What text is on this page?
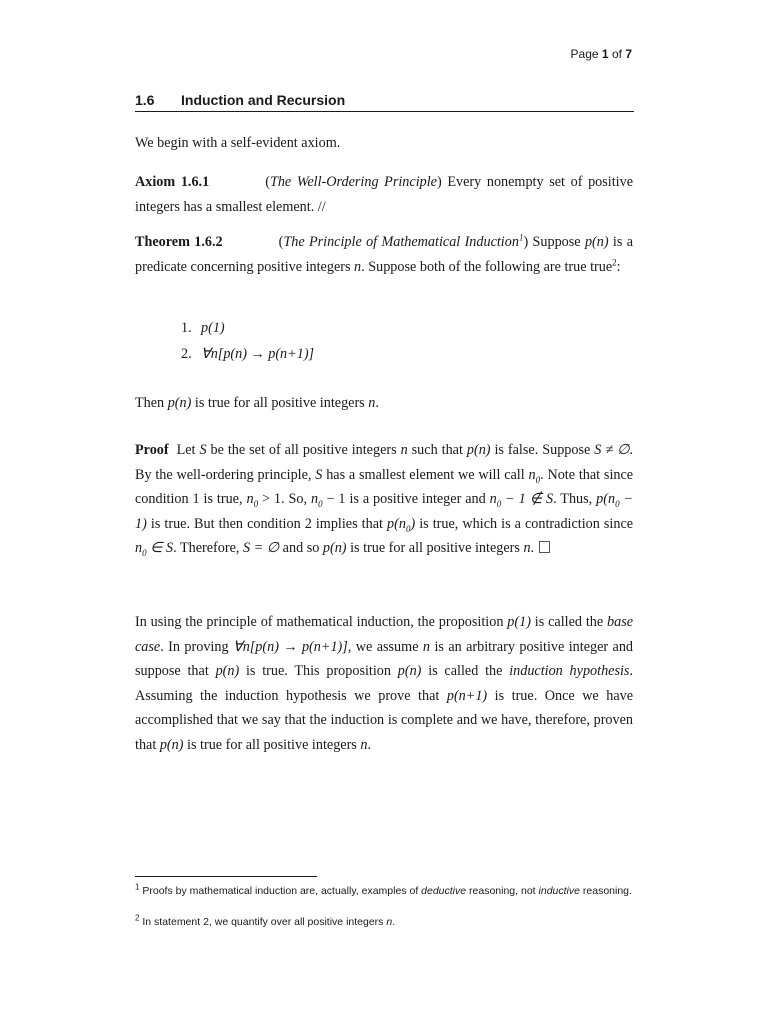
Page 1 of 7
1.6 Induction and Recursion

We begin with a self-evident axiom.

Axiom 1.6.1	(The Well-Ordering Principle) Every nonempty set of positive integers has a smallest element. //

Theorem 1.6.2	(The Principle of Mathematical Induction$^1$) Suppose p(n) is a predicate concerning positive integers n. Suppose both of the following are true true$^2$:

1. p(1)
2. ∀n[p(n) → p(n+1)]

Then p(n) is true for all positive integers n.

Proof Let S be the set of all positive integers n such that p(n) is false. Suppose S ≠ ∅. By the well-ordering principle, S has a smallest element we will call $n_0$. Note that since condition 1 is true, $n_0 > 1$. So, $n_0 - 1$ is a positive integer and $n_0 - 1$ ∉ S. Thus, $p(n_0 - 1)$ is true. But then condition 2 implies that $p(n_0)$ is true, which is a contradiction since $n_0$ ∈ S. Therefore, S = ∅ and so p(n) is true for all positive integers n.

In using the principle of mathematical induction, the proposition p(1) is called the base case. In proving ∀n[p(n) → p(n+1)], we assume n is an arbitrary positive integer and suppose that p(n) is true. This proposition p(n) is called the induction hypothesis. Assuming the induction hypothesis we prove that p(n+1) is true. Once we have accomplished that we say that the induction is complete and we have, therefore, proven that p(n) is true for all positive integers n.

$^1$ Proofs by mathematical induction are, actually, examples of deductive reasoning, not inductive reasoning.
$^2$ In statement 2, we quantify over all positive integers n.
